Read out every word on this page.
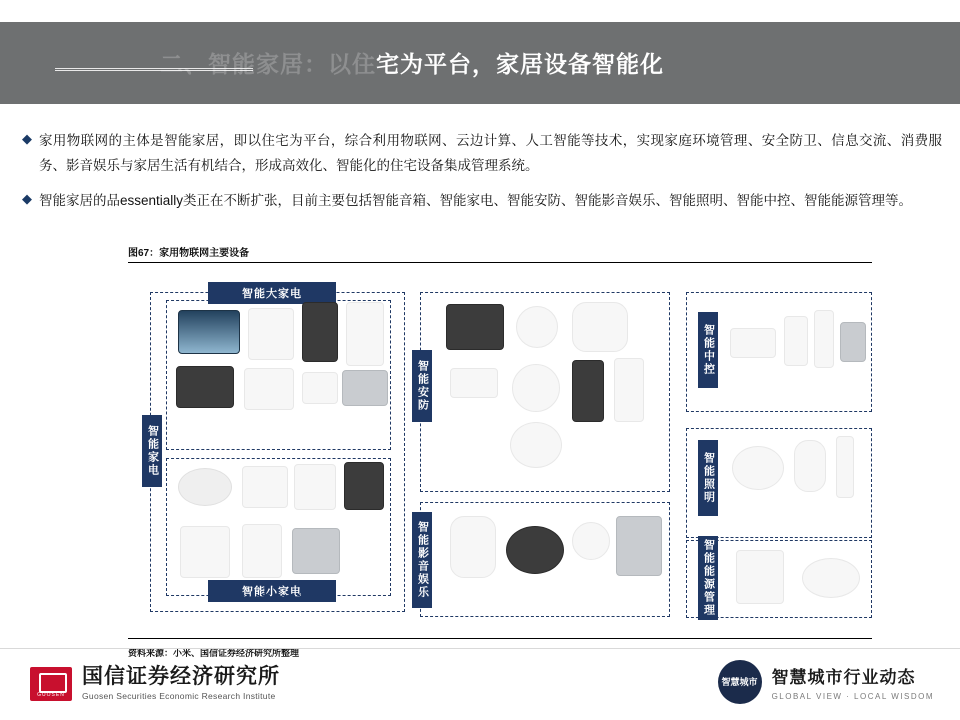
二、智能家居：以住宅为平台，家居设备智能化
◆ 家用物联网的主体是智能家居，即以住宅为平台，综合利用物联网、云边计算、人工智能等技术，实现家庭环境管理、安全防卫、信息交流、消费服务、影音娱乐与家居生活有机结合，形成高效化、智能化的住宅设备集成管理系统。
◆ 智能家居的品essentially类正在不断扩张，目前主要包括智能音箱、智能家电、智能安防、智能影音娱乐、智能照明、智能中控、智能能源管理等。
图67：家用物联网主要设备
智能家电
智能大家电
智能小家电
智能安防
智能影音娱乐
智能中控
智能照明
智能能源管理
资料来源：小米、国信证券经济研究所整理
GUOSEN
国信证券经济研究所
Guosen Securities Economic Research Institute
智慧城市 智慧城市行业动态
GLOBAL VIEW · LOCAL WISDOM
